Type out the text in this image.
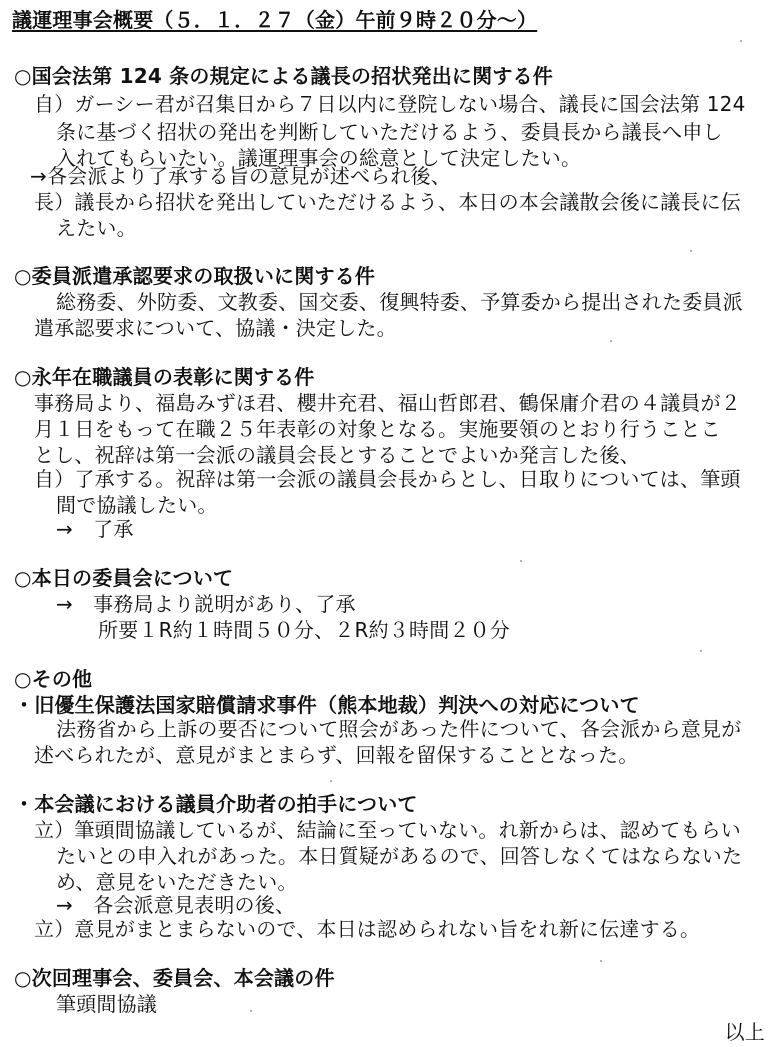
議運理事会概要（５．１．２７（金）午前９時２０分～）
○国会法第 124 条の規定による議長の招状発出に関する件
自）ガーシー君が召集日から７日以内に登院しない場合、議長に国会法第 124
条に基づく招状の発出を判断していただけるよう、委員長から議長へ申し
入れてもらいたい。議運理事会の総意として決定したい。
→各会派より了承する旨の意見が述べられ後、
長）議長から招状を発出していただけるよう、本日の本会議散会後に議長に伝
えたい。
○委員派遣承認要求の取扱いに関する件
総務委、外防委、文教委、国交委、復興特委、予算委から提出された委員派
遣承認要求について、協議・決定した。
○永年在職議員の表彰に関する件
事務局より、福島みずほ君、櫻井充君、福山哲郎君、鶴保庸介君の４議員が２
月１日をもって在職２５年表彰の対象となる。実施要領のとおり行うことこ
とし、祝辞は第一会派の議員会長とすることでよいか発言した後、
自）了承する。祝辞は第一会派の議員会長からとし、日取りについては、筆頭
間で協議したい。
→　了承
○本日の委員会について
→　事務局より説明があり、了承
所要１R約１時間５０分、２R約３時間２０分
○その他
・旧優生保護法国家賠償請求事件（熊本地裁）判決への対応について
法務省から上訴の要否について照会があった件について、各会派から意見が
述べられたが、意見がまとまらず、回報を留保することとなった。
・本会議における議員介助者の拍手について
立）筆頭間協議しているが、結論に至っていない。れ新からは、認めてもらい
たいとの申入れがあった。本日質疑があるので、回答しなくてはならないた
め、意見をいただきたい。
→　各会派意見表明の後、
立）意見がまとまらないので、本日は認められない旨をれ新に伝達する。
○次回理事会、委員会、本会議の件
筆頭間協議
以上
